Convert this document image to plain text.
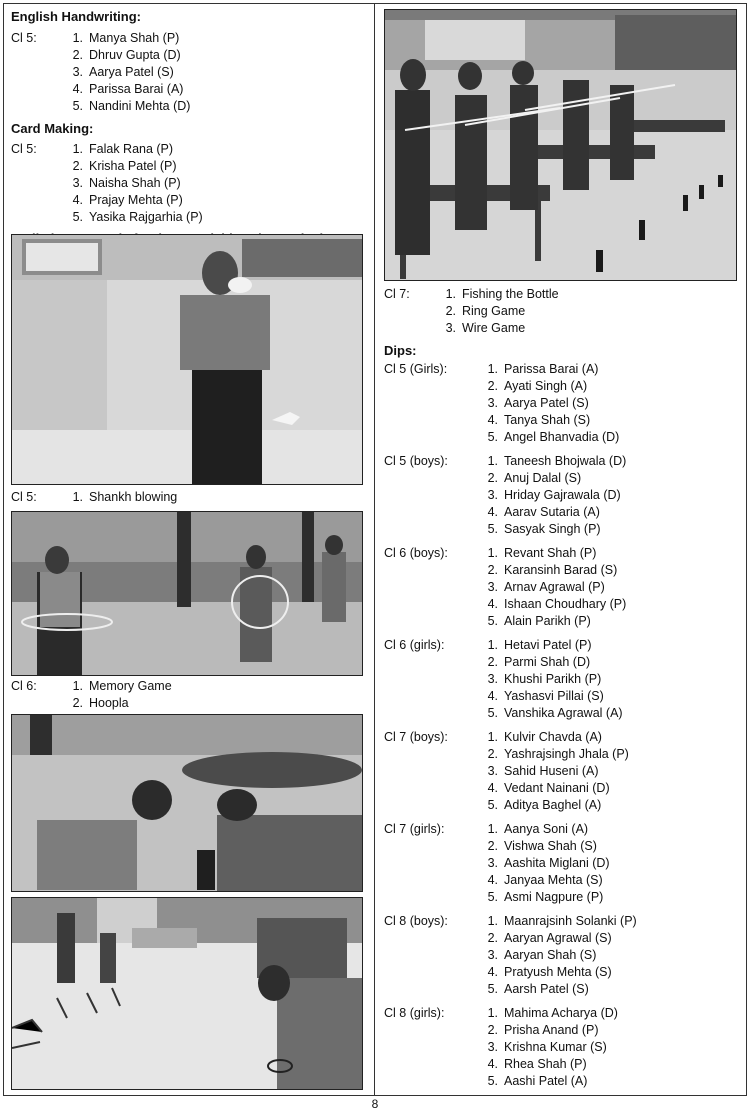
English Handwriting:
Cl 5:	1. Manya Shah (P)
2. Dhruv Gupta (D)
3. Aarya Patel (S)
4. Parissa Barai (A)
5. Nandini Mehta (D)
Card Making:
Cl 5:	1. Falak Rana (P)
2. Krisha Patel (P)
3. Naisha Shah (P)
4. Prajay Mehta (P)
5. Yasika Rajgarhia (P)
Cl 5:	1. Shankh blowing
Cl 6:	1. Memory Game
2. Hoopla
Cl 7:	1. Fishing the Bottle
2. Ring Game
3. Wire Game
Dips:
Cl 5 (Girls):	1. Parissa Barai (A)
2. Ayati Singh (A)
3. Aarya Patel (S)
4. Tanya Shah (S)
5. Angel Bhanvadia (D)
Cl 5 (boys):	1. Taneesh Bhojwala (D)
2. Anuj Dalal (S)
3. Hriday Gajrawala (D)
4. Aarav Sutaria (A)
5. Sasyak Singh (P)
Cl 6 (boys):	1. Revant Shah (P)
2. Karansinh Barad (S)
3. Arnav Agrawal (P)
4. Ishaan Choudhary (P)
5. Alain Parikh (P)
Cl 6 (girls):	1. Hetavi Patel (P)
2. Parmi Shah (D)
3. Khushi Parikh (P)
4. Yashasvi Pillai (S)
5. Vanshika Agrawal (A)
Cl 7 (boys):	1. Kulvir Chavda (A)
2. Yashrajsingh Jhala (P)
3. Sahid Huseni (A)
4. Vedant Nainani (D)
5. Aditya Baghel (A)
Cl 7 (girls):	1. Aanya Soni (A)
2. Vishwa Shah (S)
3. Aashita Miglani (D)
4. Janyaa Mehta (S)
5. Asmi Nagpure (P)
Cl 8 (boys):	1. Maanrajsinh Solanki (P)
2. Aaryan Agrawal (S)
3. Aaryan Shah (S)
4. Pratyush Mehta (S)
5. Aarsh Patel (S)
Cl 8 (girls):	1. Mahima Acharya (D)
2. Prisha Anand (P)
3. Krishna Kumar (S)
4. Rhea Shah (P)
5. Aashi Patel (A)
8
